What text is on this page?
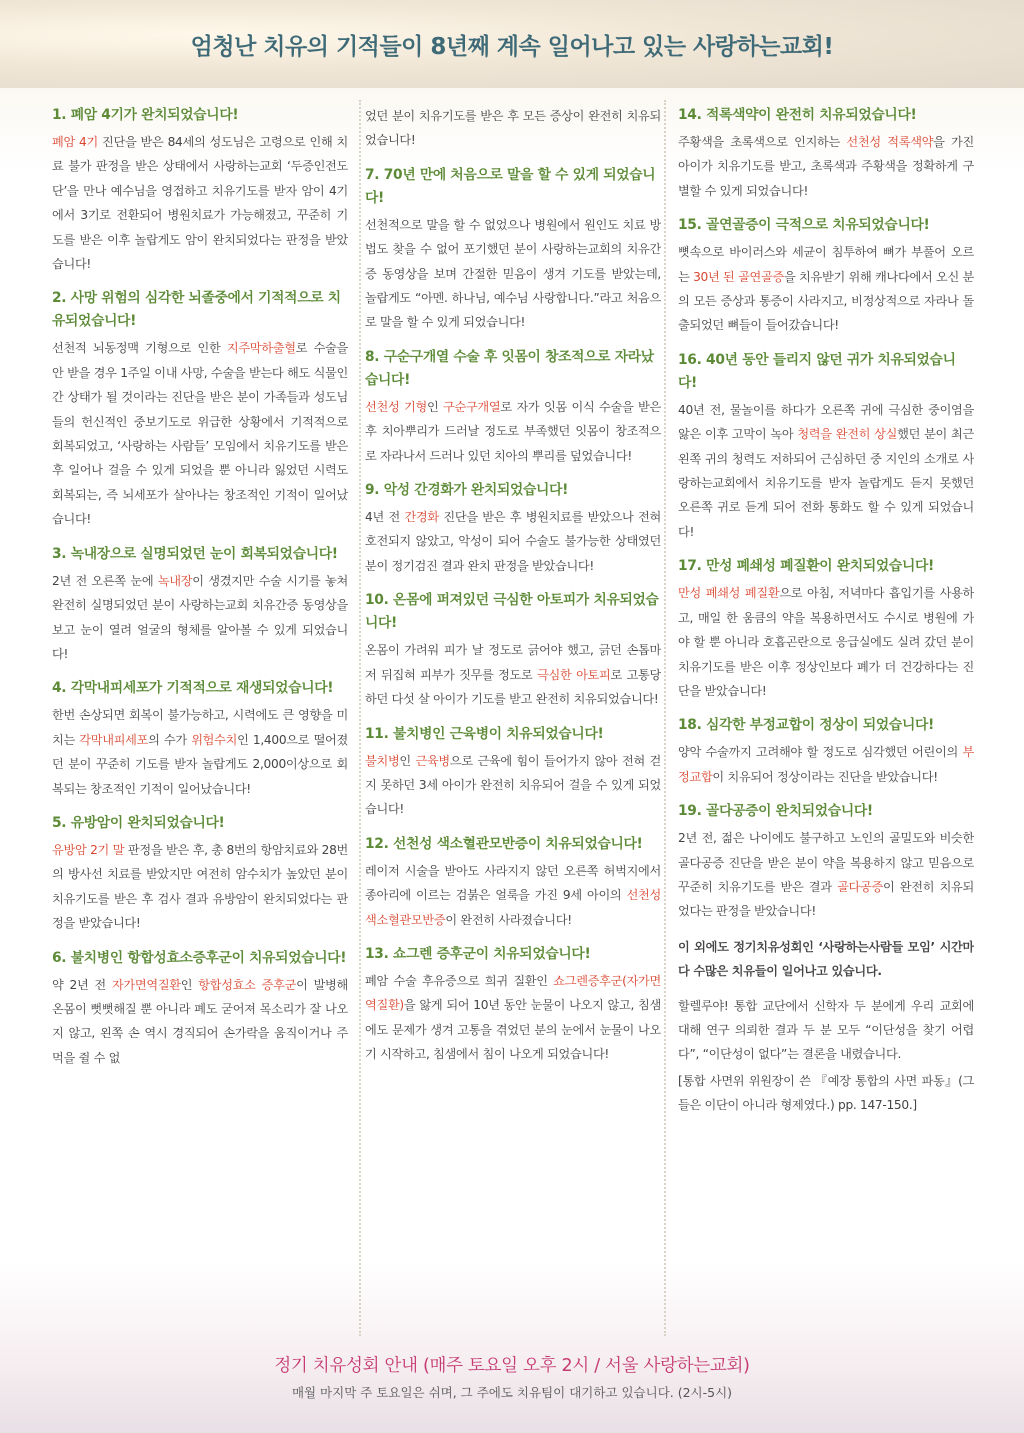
엄청난 치유의 기적들이 8년째 계속 일어나고 있는 사랑하는교회!
1. 폐암 4기가 완치되었습니다!

폐암 4기 진단을 받은 84세의 성도님은 고령으로 인해 치료 불가 판정을 받은 상태에서 사랑하는교회 ‘두증인전도단’을 만나 예수님을 영접하고 치유기도를 받자 암이 4기에서 3기로 전환되어 병원치료가 가능해졌고, 꾸준히 기도를 받은 이후 놀랍게도 암이 완치되었다는 판정을 받았습니다!

2. 사망 위험의 심각한 뇌졸중에서 기적적으로 치유되었습니다!

선천적 뇌동정맥 기형으로 인한 지주막하출혈로 수술을 안 받을 경우 1주일 이내 사망, 수술을 받는다 해도 식물인간 상태가 될 것이라는 진단을 받은 분이 가족들과 성도님들의 헌신적인 중보기도로 위급한 상황에서 기적적으로 회복되었고, ‘사랑하는 사람들’ 모임에서 치유기도를 받은 후 일어나 걸을 수 있게 되었을 뿐 아니라 잃었던 시력도 회복되는, 즉 뇌세포가 살아나는 창조적인 기적이 일어났습니다!

3. 녹내장으로 실명되었던 눈이 회복되었습니다!

2년 전 오른쪽 눈에 녹내장이 생겼지만 수술 시기를 놓쳐 완전히 실명되었던 분이 사랑하는교회 치유간증 동영상을 보고 눈이 열려 얼굴의 형체를 알아볼 수 있게 되었습니다!

4. 각막내피세포가 기적적으로 재생되었습니다!

한번 손상되면 회복이 불가능하고, 시력에도 큰 영향을 미치는 각막내피세포의 수가 위험수치인 1,400으로 떨어졌던 분이 꾸준히 기도를 받자 놀랍게도 2,000이상으로 회복되는 창조적인 기적이 일어났습니다!

5. 유방암이 완치되었습니다!

유방암 2기 말 판정을 받은 후, 총 8번의 항암치료와 28번의 방사선 치료를 받았지만 여전히 암수치가 높았던 분이 치유기도를 받은 후 검사 결과 유방암이 완치되었다는 판정을 받았습니다!

6. 불치병인 항합성효소증후군이 치유되었습니다!

약 2년 전 자가면역질환인 항합성효소 증후군이 발병해 온몸이 뻣뻣해질 뿐 아니라 폐도 굳어져 목소리가 잘 나오지 않고, 왼쪽 손 역시 경직되어 손가락을 움직이거나 주먹을 쥘 수 없

었던 분이 치유기도를 받은 후 모든 증상이 완전히 치유되었습니다!

7. 70년 만에 처음으로 말을 할 수 있게 되었습니다!

선천적으로 말을 할 수 없었으나 병원에서 원인도 치료 방법도 찾을 수 없어 포기했던 분이 사랑하는교회의 치유간증 동영상을 보며 간절한 믿음이 생겨 기도를 받았는데, 놀랍게도 “아멘. 하나님, 예수님 사랑합니다.”라고 처음으로 말을 할 수 있게 되었습니다!

8. 구순구개열 수술 후 잇몸이 창조적으로 자라났습니다!

선천성 기형인 구순구개열로 자가 잇몸 이식 수술을 받은 후 치아뿌리가 드러날 정도로 부족했던 잇몸이 창조적으로 자라나서 드러나 있던 치아의 뿌리를 덮었습니다!

9. 악성 간경화가 완치되었습니다!

4년 전 간경화 진단을 받은 후 병원치료를 받았으나 전혀 호전되지 않았고, 악성이 되어 수술도 불가능한 상태였던 분이 정기검진 결과 완치 판정을 받았습니다!

10. 온몸에 퍼져있던 극심한 아토피가 치유되었습니다!

온몸이 가려워 피가 날 정도로 긁어야 했고, 긁던 손톱마저 뒤집혀 피부가 짓무를 정도로 극심한 아토피로 고통당하던 다섯 살 아이가 기도를 받고 완전히 치유되었습니다!

11. 불치병인 근육병이 치유되었습니다!

불치병인 근육병으로 근육에 힘이 들어가지 않아 전혀 걷지 못하던 3세 아이가 완전히 치유되어 걸을 수 있게 되었습니다!

12. 선천성 색소혈관모반증이 치유되었습니다!

레이저 시술을 받아도 사라지지 않던 오른쪽 허벅지에서 종아리에 이르는 검붉은 얼룩을 가진 9세 아이의 선천성 색소혈관모반증이 완전히 사라졌습니다!

13. 쇼그렌 증후군이 치유되었습니다!

폐암 수술 후유증으로 희귀 질환인 쇼그렌증후군(자가면역질환)을 앓게 되어 10년 동안 눈물이 나오지 않고, 침샘에도 문제가 생겨 고통을 겪었던 분의 눈에서 눈물이 나오기 시작하고, 침샘에서 침이 나오게 되었습니다!

14. 적록색약이 완전히 치유되었습니다!

주황색을 초록색으로 인지하는 선천성 적록색약을 가진 아이가 치유기도를 받고, 초록색과 주황색을 정확하게 구별할 수 있게 되었습니다!

15. 골연골증이 극적으로 치유되었습니다!

뼛속으로 바이러스와 세균이 침투하여 뼈가 부풀어 오르는 30년 된 골연골증을 치유받기 위해 캐나다에서 오신 분의 모든 증상과 통증이 사라지고, 비정상적으로 자라나 돌출되었던 뼈들이 들어갔습니다!

16. 40년 동안 들리지 않던 귀가 치유되었습니다!

40년 전, 물놀이를 하다가 오른쪽 귀에 극심한 중이염을 앓은 이후 고막이 녹아 청력을 완전히 상실했던 분이 최근 왼쪽 귀의 청력도 저하되어 근심하던 중 지인의 소개로 사랑하는교회에서 치유기도를 받자 놀랍게도 듣지 못했던 오른쪽 귀로 듣게 되어 전화 통화도 할 수 있게 되었습니다!

17. 만성 폐쇄성 폐질환이 완치되었습니다!

만성 폐쇄성 폐질환으로 아침, 저녁마다 흡입기를 사용하고, 매일 한 움큼의 약을 복용하면서도 수시로 병원에 가야 할 뿐 아니라 호흡곤란으로 응급실에도 실려 갔던 분이 치유기도를 받은 이후 정상인보다 폐가 더 건강하다는 진단을 받았습니다!

18. 심각한 부정교합이 정상이 되었습니다!

양악 수술까지 고려해야 할 정도로 심각했던 어린이의 부정교합이 치유되어 정상이라는 진단을 받았습니다!

19. 골다공증이 완치되었습니다!

2년 전, 젊은 나이에도 불구하고 노인의 골밀도와 비슷한 골다공증 진단을 받은 분이 약을 복용하지 않고 믿음으로 꾸준히 치유기도를 받은 결과 골다공증이 완전히 치유되었다는 판정을 받았습니다!

이 외에도 정기치유성회인 ‘사랑하는사람들 모임’ 시간마다 수많은 치유들이 일어나고 있습니다.

할렐루야! 통합 교단에서 신학자 두 분에게 우리 교회에 대해 연구 의뢰한 결과 두 분 모두 “이단성을 찾기 어렵다”, “이단성이 없다”는 결론을 내렸습니다.

[통합 사면위 위원장이 쓴 『예장 통합의 사면 파동』(그들은 이단이 아니라 형제였다.) pp. 147-150.]

정기 치유성회 안내 (매주 토요일 오후 2시 / 서울 사랑하는교회)
매월 마지막 주 토요일은 쉬며, 그 주에도 치유팀이 대기하고 있습니다. (2시-5시)
